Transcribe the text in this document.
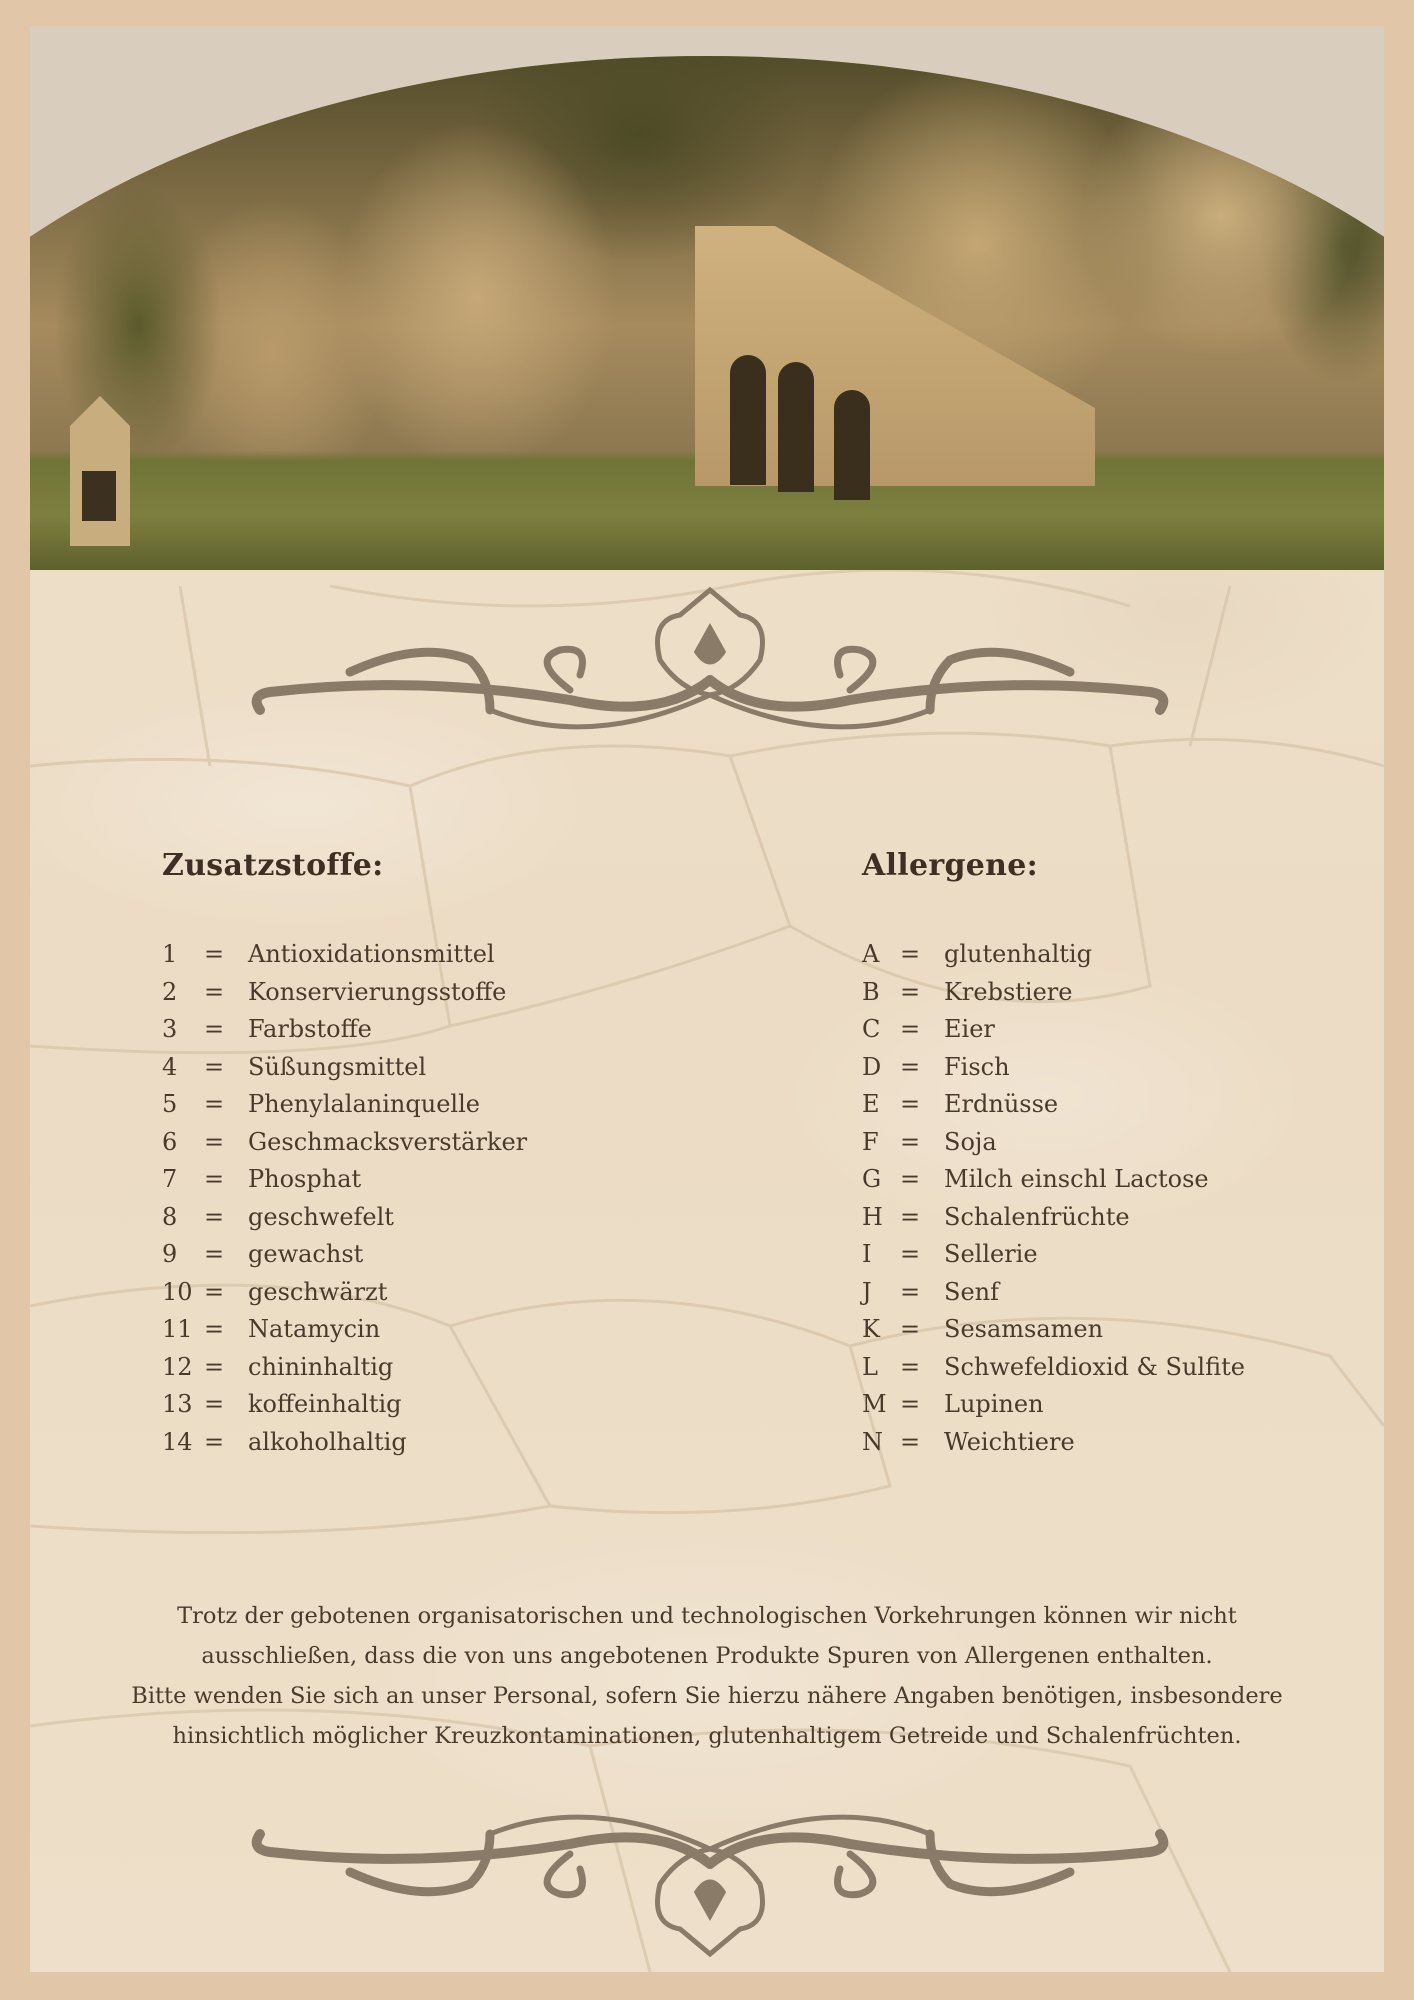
Zusatzstoffe:
1	= Antioxidationsmittel
2	= Konservierungsstoffe
3	= Farbstoffe
4	= Süßungsmittel
5	= Phenylalaninquelle
6	= Geschmacksverstärker
7	= Phosphat
8	= geschwefelt
9	= gewachst
10 = geschwärzt
11 = Natamycin
12 = chininhaltig
13 = koffeinhaltig
14 = alkoholhaltig
Allergene:
A = glutenhaltig
B = Krebstiere
C = Eier
D = Fisch
E = Erdnüsse
F = Soja
G = Milch einschl Lactose
H = Schalenfrüchte
I	= Sellerie
J	= Senf
K = Sesamsamen
L = Schwefeldioxid & Sulfite
M = Lupinen
N = Weichtiere
Trotz der gebotenen organisatorischen und technologischen Vorkehrungen können wir nicht
ausschließen, dass die von uns angebotenen Produkte Spuren von Allergenen enthalten.
Bitte wenden Sie sich an unser Personal, sofern Sie hierzu nähere Angaben benötigen, insbesondere
hinsichtlich möglicher Kreuzkontaminationen, glutenhaltigem Getreide und Schalenfrüchten.
